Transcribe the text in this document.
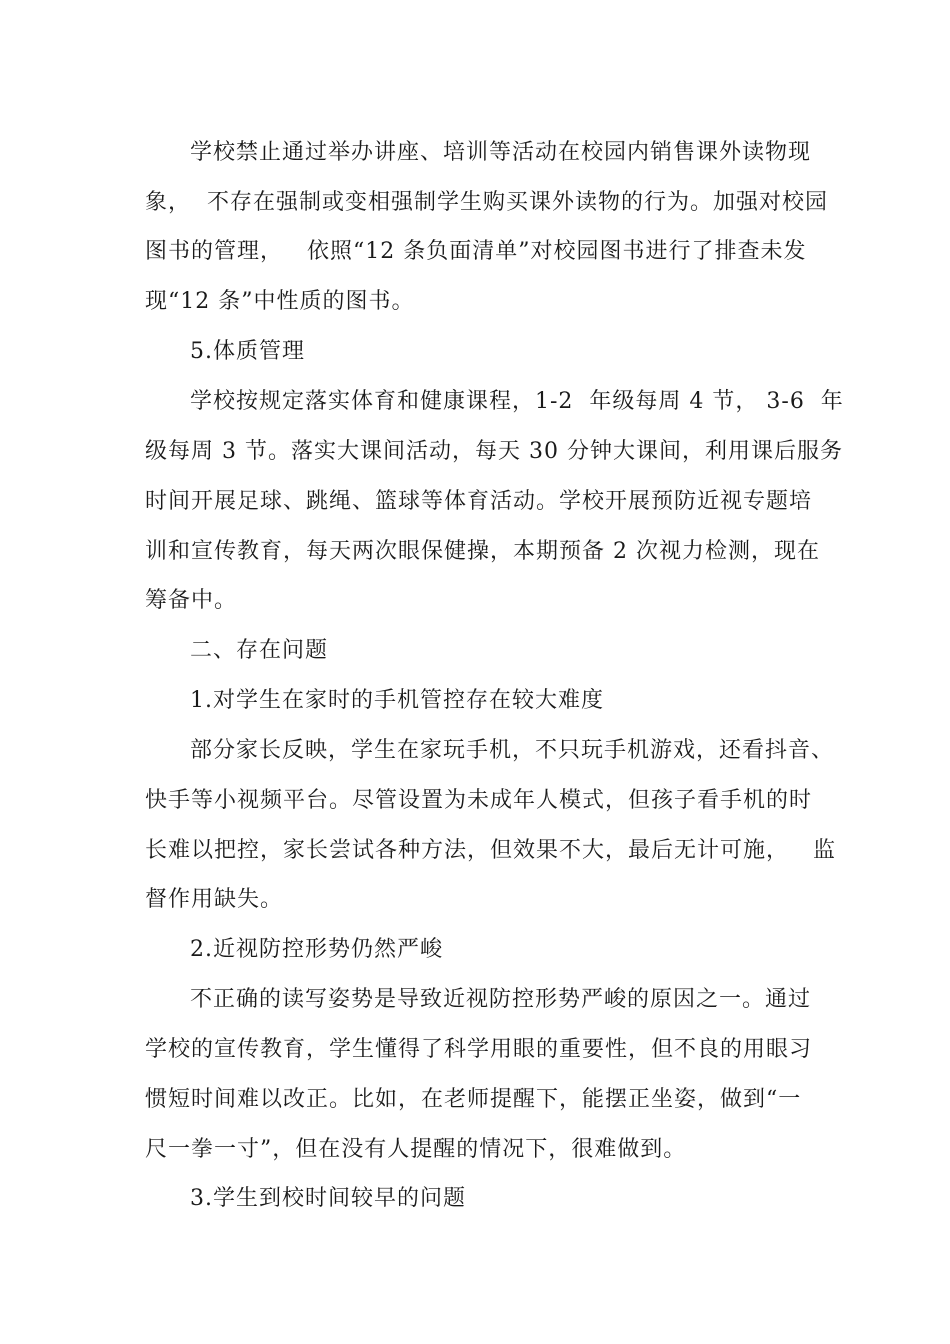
学校禁止通过举办讲座、培训等活动在校园内销售课外读物现
象，  不存在强制或变相强制学生购买课外读物的行为。加强对校园
图书的管理，   依照“12 条负面清单”对校园图书进行了排查未发
现“12 条”中性质的图书。
5.体质管理
学校按规定落实体育和健康课程，1-2  年级每周 4 节， 3-6  年
级每周 3 节。落实大课间活动，每天 30 分钟大课间，利用课后服务
时间开展足球、跳绳、篮球等体育活动。学校开展预防近视专题培
训和宣传教育，每天两次眼保健操，本期预备 2 次视力检测，现在
筹备中。
二、存在问题
1.对学生在家时的手机管控存在较大难度
部分家长反映，学生在家玩手机，不只玩手机游戏，还看抖音、
快手等小视频平台。尽管设置为未成年人模式，但孩子看手机的时
长难以把控，家长尝试各种方法，但效果不大，最后无计可施，   监
督作用缺失。
2.近视防控形势仍然严峻
不正确的读写姿势是导致近视防控形势严峻的原因之一。通过
学校的宣传教育，学生懂得了科学用眼的重要性，但不良的用眼习
惯短时间难以改正。比如，在老师提醒下，能摆正坐姿，做到“一
尺一拳一寸”，但在没有人提醒的情况下，很难做到。
3.学生到校时间较早的问题
